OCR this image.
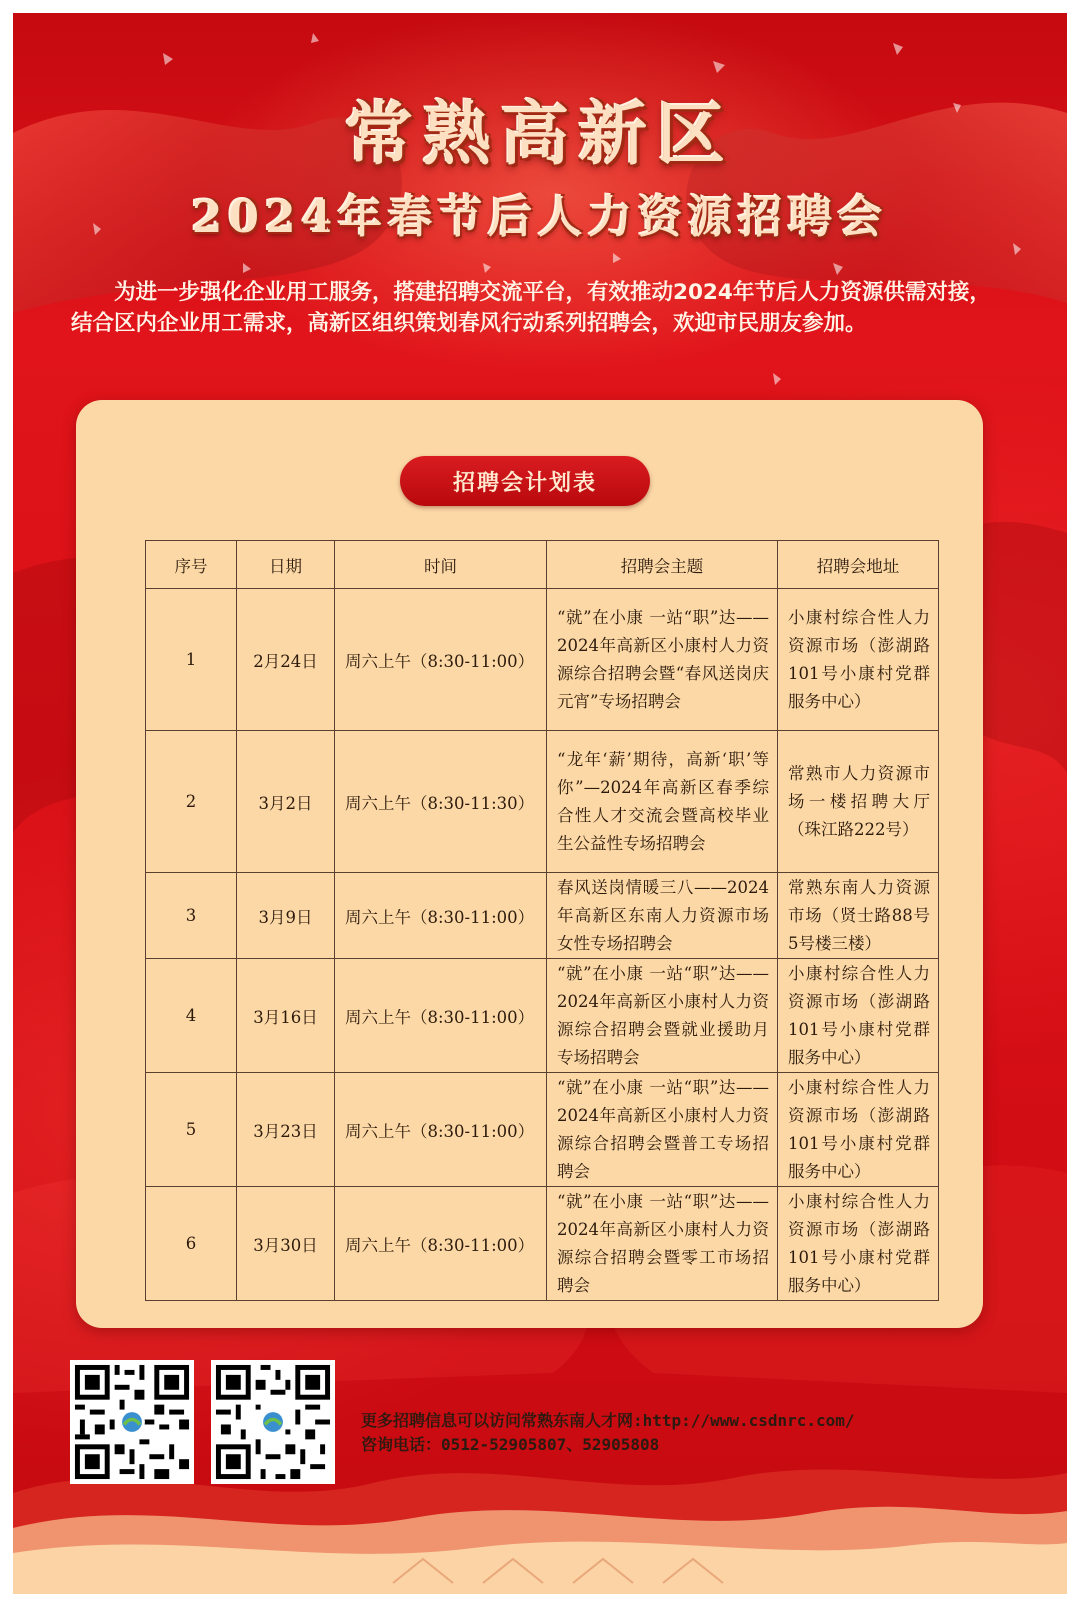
常熟高新区
2024年春节后人力资源招聘会
为进一步强化企业用工服务，搭建招聘交流平台，有效推动2024年节后人力资源供需对接，结合区内企业用工需求，高新区组织策划春风行动系列招聘会，欢迎市民朋友参加。
招聘会计划表
序号	日期	时间	招聘会主题	招聘会地址
1	2月24日	周六上午（8:30-11:00）	“就”在小康 一站“职”达——2024年高新区小康村人力资源综合招聘会暨“春风送岗庆元宵”专场招聘会	小康村综合性人力资源市场（澎湖路101号小康村党群服务中心）
2	3月2日	周六上午（8:30-11:30）	“龙年‘薪’期待，高新‘职’等你”—2024年高新区春季综合性人才交流会暨高校毕业生公益性专场招聘会	常熟市人力资源市场一楼招聘大厅（珠江路222号）
3	3月9日	周六上午（8:30-11:00）	春风送岗情暖三八——2024年高新区东南人力资源市场女性专场招聘会	常熟东南人力资源市场（贤士路88号5号楼三楼）
4	3月16日	周六上午（8:30-11:00）	“就”在小康 一站“职”达——2024年高新区小康村人力资源综合招聘会暨就业援助月专场招聘会	小康村综合性人力资源市场（澎湖路101号小康村党群服务中心）
5	3月23日	周六上午（8:30-11:00）	“就”在小康 一站“职”达——2024年高新区小康村人力资源综合招聘会暨普工专场招聘会	小康村综合性人力资源市场（澎湖路101号小康村党群服务中心）
6	3月30日	周六上午（8:30-11:00）	“就”在小康 一站“职”达——2024年高新区小康村人力资源综合招聘会暨零工市场招聘会	小康村综合性人力资源市场（澎湖路101号小康村党群服务中心）
更多招聘信息可以访问常熟东南人才网:http://www.csdnrc.com/
咨询电话：0512-52905807、52905808
